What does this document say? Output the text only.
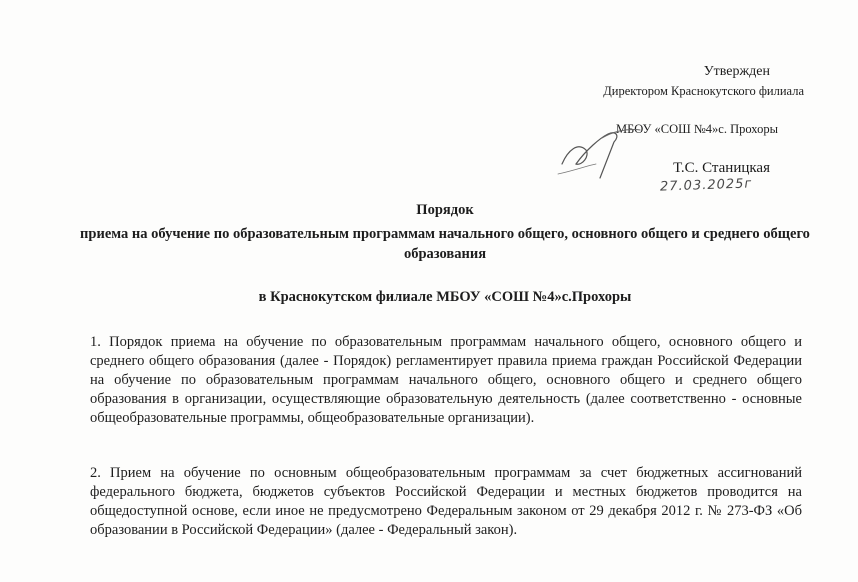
Утвержден
Директором Краснокутского филиала
МБОУ «СОШ №4»с. Прохоры
Т.С. Станицкая
27.03.2025г
Порядок
приема на обучение по образовательным программам начального общего, основного общего и среднего общего образования
в Краснокутском филиале МБОУ «СОШ №4»с.Прохоры
1. Порядок приема на обучение по образовательным программам начального общего, основного общего и среднего общего образования (далее - Порядок) регламентирует правила приема граждан Российской Федерации на обучение по образовательным программам начального общего, основного общего и среднего общего образования в организации, осуществляющие образовательную деятельность (далее соответственно - основные общеобразовательные программы, общеобразовательные организации).
2. Прием на обучение по основным общеобразовательным программам за счет бюджетных ассигнований федерального бюджета, бюджетов субъектов Российской Федерации и местных бюджетов проводится на общедоступной основе, если иное не предусмотрено Федеральным законом от 29 декабря 2012 г. № 273-ФЗ «Об образовании в Российской Федерации» (далее - Федеральный закон).
